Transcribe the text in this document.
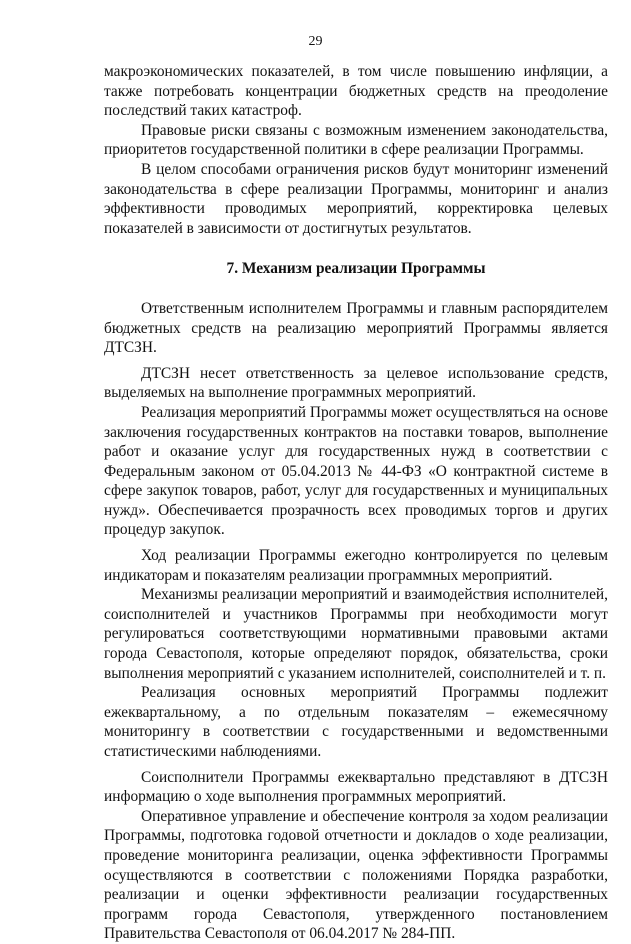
29

макроэкономических показателей, в том числе повышению инфляции, а также потребовать концентрации бюджетных средств на преодоление последствий таких катастроф.

Правовые риски связаны с возможным изменением законодательства, приоритетов государственной политики в сфере реализации Программы.

В целом способами ограничения рисков будут мониторинг изменений законодательства в сфере реализации Программы, мониторинг и анализ эффективности проводимых мероприятий, корректировка целевых показателей в зависимости от достигнутых результатов.

7. Механизм реализации Программы

Ответственным исполнителем Программы и главным распорядителем бюджетных средств на реализацию мероприятий Программы является ДТСЗН.

ДТСЗН несет ответственность за целевое использование средств, выделяемых на выполнение программных мероприятий.

Реализация мероприятий Программы может осуществляться на основе заключения государственных контрактов на поставки товаров, выполнение работ и оказание услуг для государственных нужд в соответствии с Федеральным законом от 05.04.2013 № 44-ФЗ «О контрактной системе в сфере закупок товаров, работ, услуг для государственных и муниципальных нужд». Обеспечивается прозрачность всех проводимых торгов и других процедур закупок.

Ход реализации Программы ежегодно контролируется по целевым индикаторам и показателям реализации программных мероприятий.

Механизмы реализации мероприятий и взаимодействия исполнителей, соисполнителей и участников Программы при необходимости могут регулироваться соответствующими нормативными правовыми актами города Севастополя, которые определяют порядок, обязательства, сроки выполнения мероприятий с указанием исполнителей, соисполнителей и т. п.

Реализация основных мероприятий Программы подлежит ежеквартальному, а по отдельным показателям – ежемесячному мониторингу в соответствии с государственными и ведомственными статистическими наблюдениями.

Соисполнители Программы ежеквартально представляют в ДТСЗН информацию о ходе выполнения программных мероприятий.

Оперативное управление и обеспечение контроля за ходом реализации Программы, подготовка годовой отчетности и докладов о ходе реализации, проведение мониторинга реализации, оценка эффективности Программы осуществляются в соответствии с положениями Порядка разработки, реализации и оценки эффективности реализации государственных программ города Севастополя, утвержденного постановлением Правительства Севастополя от 06.04.2017 № 284-ПП.
